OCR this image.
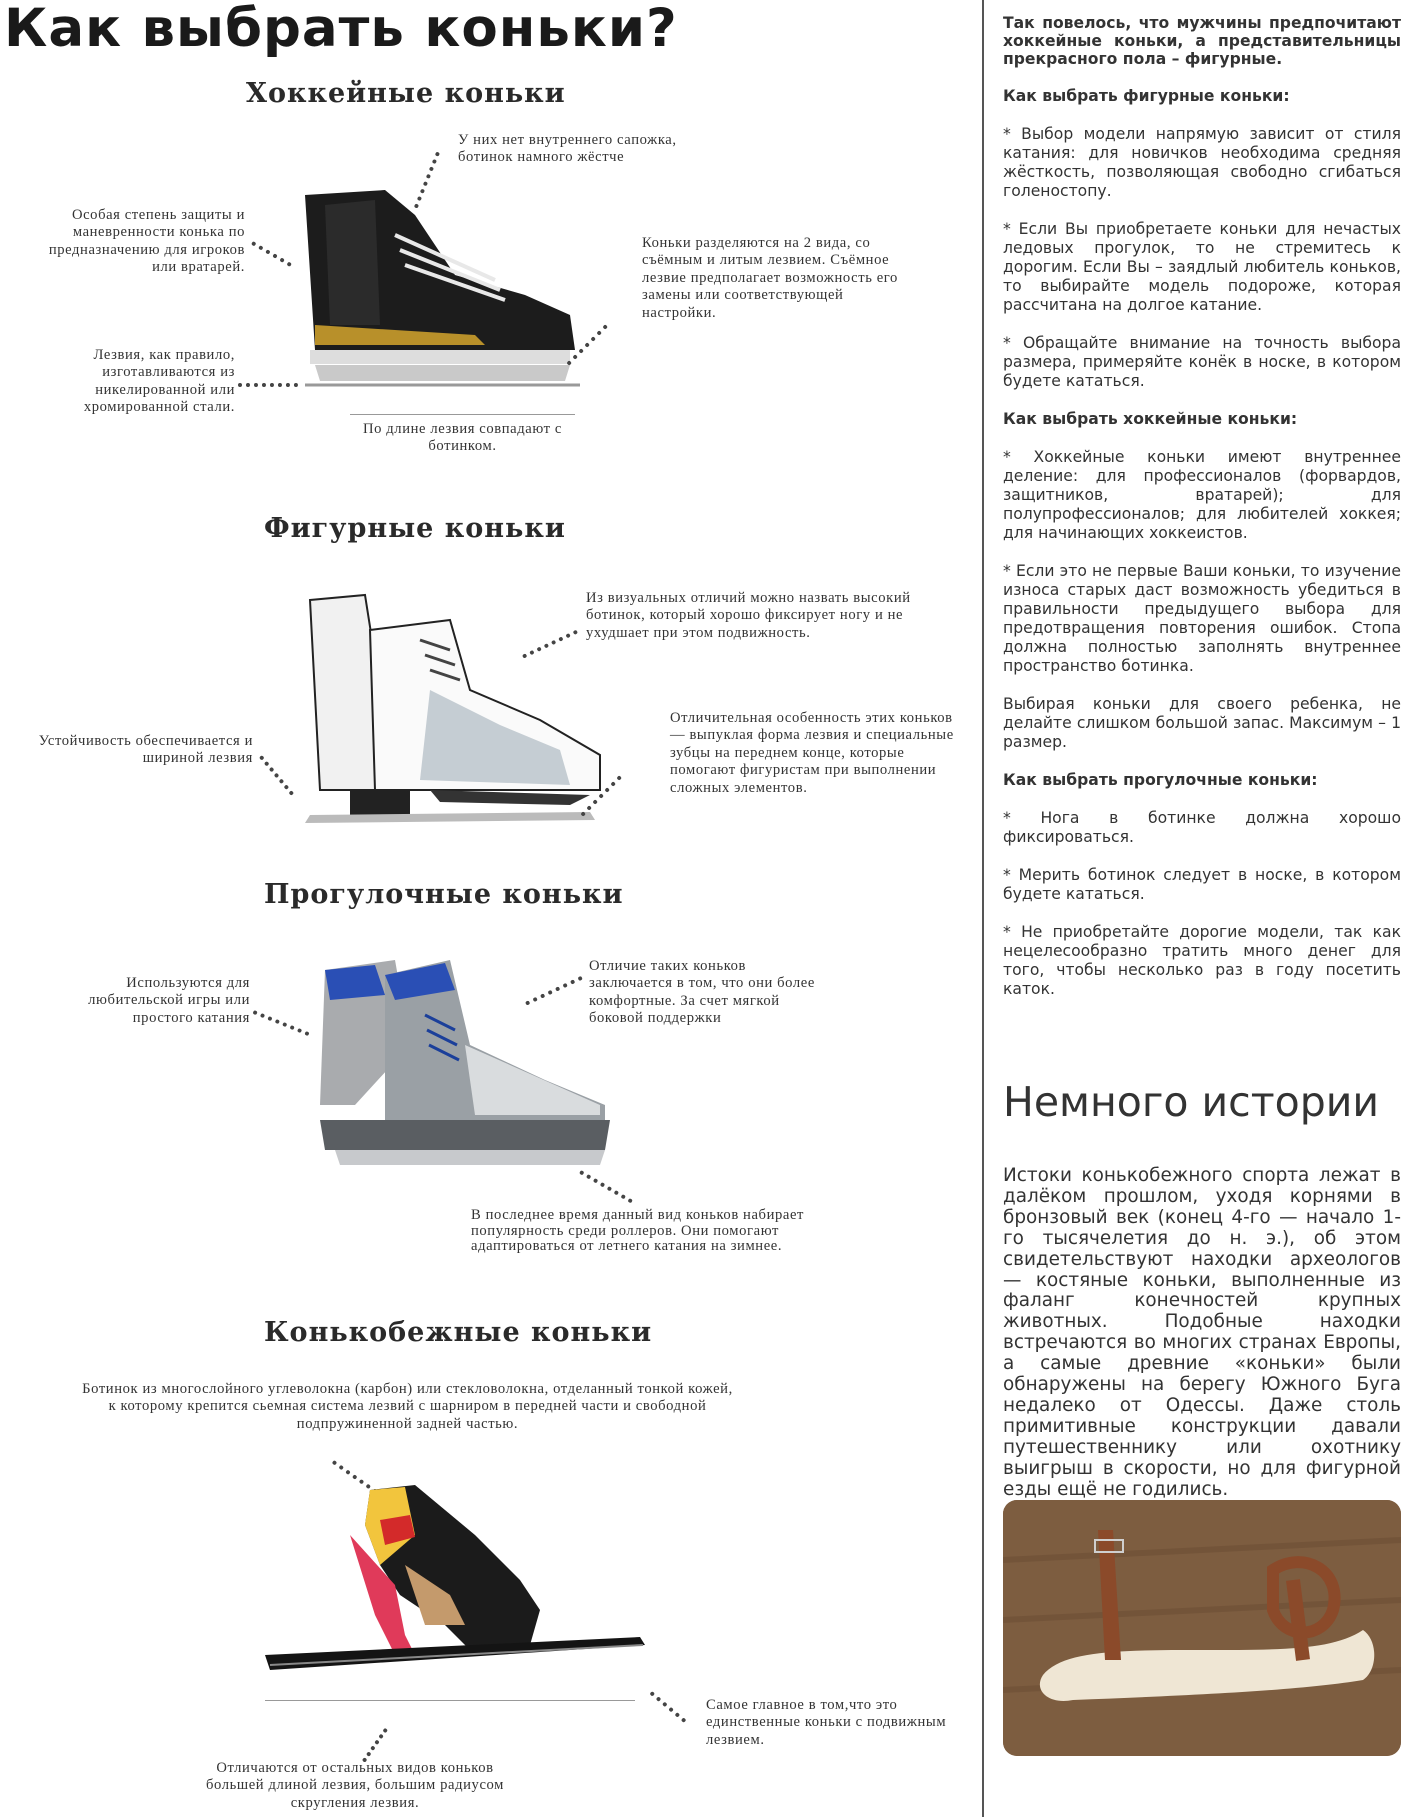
Как выбрать коньки?
Хоккейные коньки
У них нет внутреннего сапожка, ботинок намного жёстче
Особая степень защиты и маневренности конька по предназначению для игроков или вратарей.
Лезвия, как правило, изготавливаются из никелированной или хромированной стали.
Коньки разделяются на 2 вида, со съёмным и литым лезвием. Съёмное лезвие предполагает возможность его замены или соответствующей настройки.
По длине лезвия совпадают с ботинком.
Фигурные коньки
Из визуальных отличий можно назвать высокий ботинок, который хорошо фиксирует ногу и не ухудшает при этом подвижность.
Устойчивость обеспечивается и шириной лезвия
Отличительная особенность этих коньков — выпуклая форма лезвия и специальные зубцы на переднем конце, которые помогают фигуристам при выполнении сложных элементов.
Прогулочные коньки
Используются для любительской игры или простого катания
Отличие таких коньков заключается в том, что они более комфортные. За счет мягкой боковой поддержки
В последнее время данный вид коньков набирает популярность среди роллеров. Они помогают адаптироваться от летнего катания на зимнее.
Конькобежные коньки
Ботинок из многослойного углеволокна (карбон) или стекловолокна, отделанный тонкой кожей, к которому крепится сьемная система лезвий с шарниром в передней части и свободной подпружиненной задней частью.
Самое главное в том,что это единственные коньки с подвижным лезвием.
Отличаются от остальных видов коньков большей длиной лезвия, большим радиусом скругления лезвия.

Так повелось, что мужчины предпочитают хоккейные коньки, а представительницы прекрасного пола – фигурные.

Как выбрать фигурные коньки:

* Выбор модели напрямую зависит от стиля катания: для новичков необходима средняя жёсткость, позволяющая свободно сгибаться голеностопу.

* Если Вы приобретаете коньки для нечастых ледовых прогулок, то не стремитесь к дорогим. Если Вы – заядлый любитель коньков, то выбирайте модель подороже, которая рассчитана на долгое катание.

* Обращайте внимание на точность выбора размера, примеряйте конёк в носке, в котором будете кататься.

Как выбрать хоккейные коньки:

* Хоккейные коньки имеют внутреннее деление: для профессионалов (форвардов, защитников, вратарей); для полупрофессионалов; для любителей хоккея; для начинающих хоккеистов.

* Если это не первые Ваши коньки, то изучение износа старых даст возможность убедиться в правильности предыдущего выбора для предотвращения повторения ошибок. Стопа должна полностью заполнять внутреннее пространство ботинка.

Выбирая коньки для своего ребенка, не делайте слишком большой запас. Максимум – 1 размер.

Как выбрать прогулочные коньки:

* Нога в ботинке должна хорошо фиксироваться.

* Мерить ботинок следует в носке, в котором будете кататься.

* Не приобретайте дорогие модели, так как нецелесообразно тратить много денег для того, чтобы несколько раз в году посетить каток.

Немного истории
Истоки конькобежного спорта лежат в далёком прошлом, уходя корнями в бронзовый век (конец 4-го — начало 1-го тысячелетия до н. э.), об этом свидетельствуют находки археологов — костяные коньки, выполненные из фаланг конечностей крупных животных. Подобные находки встречаются во многих странах Европы, а самые древние «коньки» были обнаружены на берегу Южного Буга недалеко от Одессы. Даже столь примитивные конструкции давали путешественнику или охотнику выигрыш в скорости, но для фигурной езды ещё не годились.
